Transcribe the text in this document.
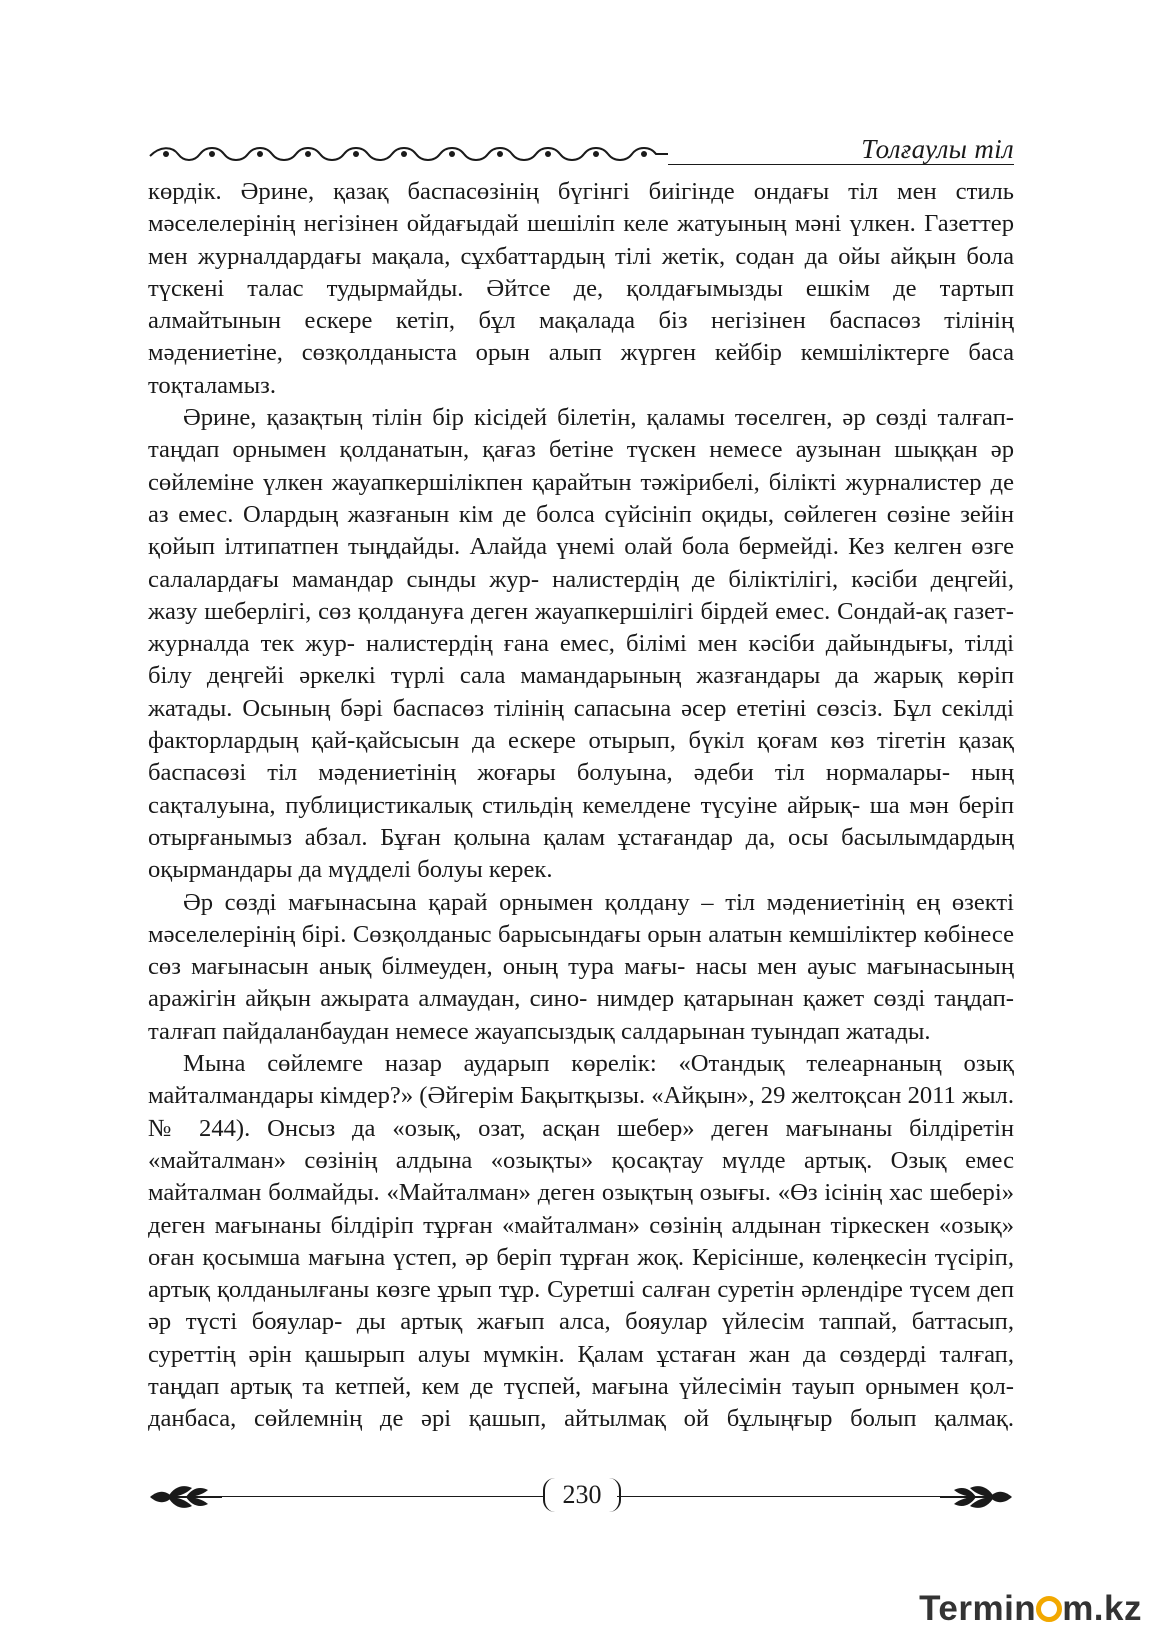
Толғаулы тіл

көрдік. Әрине, қазақ баспасөзінің бүгінгі биігінде ондағы тіл мен стиль мәселелерінің негізінен ойдағыдай шешіліп келе жатуының мәні үлкен. Газеттер мен журналдардағы мақала, сұхбаттардың тілі жетік, содан да ойы айқын бола түскені талас тудырмайды. Әйтсе де, қолдағымызды ешкім де тартып алмайтынын ескере кетіп, бұл мақалада біз негізінен баспасөз тілінің мәдениетіне, сөзқолданыста орын алып жүрген кейбір кемшіліктерге баса тоқталамыз.

Әрине, қазақтың тілін бір кісідей білетін, қаламы төселген, әр сөзді талғап-таңдап орнымен қолданатын, қағаз бетіне түскен немесе аузынан шыққан әр сөйлеміне үлкен жауапкершілікпен қарайтын тәжірибелі, білікті журналистер де аз емес. Олардың жазғанын кім де болса сүйсініп оқиды, сөйлеген сөзіне зейін қойып ілтипатпен тыңдайды. Алайда үнемі олай бола бермейді. Кез келген өзге салалардағы мамандар сынды жур- налистердің де біліктілігі, кәсіби деңгейі, жазу шеберлігі, сөз қолдануға деген жауапкершілігі бірдей емес. Сондай-ақ газет-журналда тек жур- налистердің ғана емес, білімі мен кәсіби дайындығы, тілді білу деңгейі әркелкі түрлі сала мамандарының жазғандары да жарық көріп жатады. Осының бәрі баспасөз тілінің сапасына әсер ететіні сөзсіз. Бұл секілді факторлардың қай-қайсысын да ескере отырып, бүкіл қоғам көз тігетін қазақ баспасөзі тіл мәдениетінің жоғары болуына, әдеби тіл нормалары- ның сақталуына, публицистикалық стильдің кемелдене түсуіне айрық- ша мән беріп отырғанымыз абзал. Бұған қолына қалам ұстағандар да, осы басылымдардың оқырмандары да мүдделі болуы керек.

Әр сөзді мағынасына қарай орнымен қолдану – тіл мәдениетінің ең өзекті мәселелерінің бірі. Сөзқолданыс барысындағы орын алатын кемшіліктер көбінесе сөз мағынасын анық білмеуден, оның тура мағы- насы мен ауыс мағынасының аражігін айқын ажырата алмаудан, сино- нимдер қатарынан қажет сөзді таңдап-талғап пайдаланбаудан немесе жауапсыздық салдарынан туындап жатады.

Мына сөйлемге назар аударып көрелік: «Отандық телеарнаның озық майталмандары кімдер?» (Әйгерім Бақытқызы. «Айқын», 29 желтоқсан 2011 жыл. № 244). Онсыз да «озық, озат, асқан шебер» деген мағынаны білдіретін «майталман» сөзінің алдына «озықты» қосақтау мүлде артық. Озық емес майталман болмайды. «Майталман» деген озықтың озығы. «Өз ісінің хас шебері» деген мағынаны білдіріп тұрған «майталман» сөзінің алдынан тіркескен «озық» оған қосымша мағына үстеп, әр беріп тұрған жоқ. Керісінше, көлеңкесін түсіріп, артық қолданылғаны көзге ұрып тұр. Суретші салған суретін әрлендіре түсем деп әр түсті бояулар- ды артық жағып алса, бояулар үйлесім таппай, баттасып, суреттің әрін қашырып алуы мүмкін. Қалам ұстаған жан да сөздерді талғап, таңдап артық та кетпей, кем де түспей, мағына үйлесімін тауып орнымен қол- данбаса, сөйлемнің де әрі қашып, айтылмақ ой бұлыңғыр болып қалмақ.

230
Termin m.kz
